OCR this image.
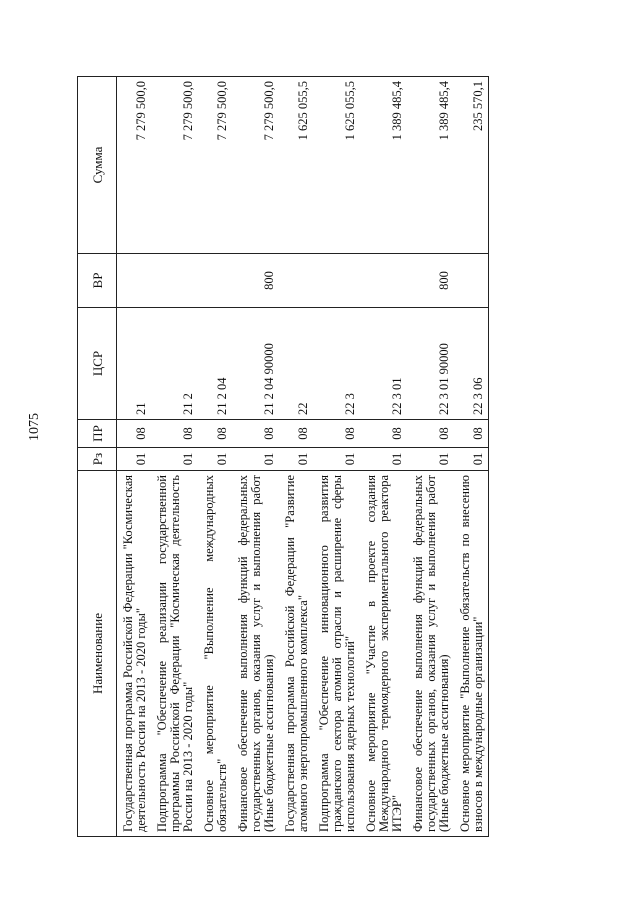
1075
Наименование	Рз	ПР	ЦСР	ВР	Сумма
Государственная программа Российской Федерации "Космическая деятельность России на 2013 - 2020 годы"	01	08	21		7 279 500,0
Подпрограмма "Обеспечение реализации государственной программы Российской Федерации "Космическая деятельность России на 2013 - 2020 годы"	01	08	21 2		7 279 500,0
Основное мероприятие "Выполнение международных обязательств"	01	08	21 2 04		7 279 500,0
Финансовое обеспечение выполнения функций федеральных государственных органов, оказания услуг и выполнения работ (Иные бюджетные ассигнования)	01	08	21 2 04 90000	800	7 279 500,0
Государственная программа Российской Федерации "Развитие атомного энергопромышленного комплекса"	01	08	22		1 625 055,5
Подпрограмма "Обеспечение инновационного развития гражданского сектора атомной отрасли и расширение сферы использования ядерных технологий"	01	08	22 3		1 625 055,5
Основное мероприятие "Участие в проекте создания Международного термоядерного экспериментального реактора ИТЭР"	01	08	22 3 01		1 389 485,4
Финансовое обеспечение выполнения функций федеральных государственных органов, оказания услуг и выполнения работ (Иные бюджетные ассигнования)	01	08	22 3 01 90000	800	1 389 485,4
Основное мероприятие "Выполнение обязательств по внесению взносов в международные организации"	01	08	22 3 06		235 570,1
